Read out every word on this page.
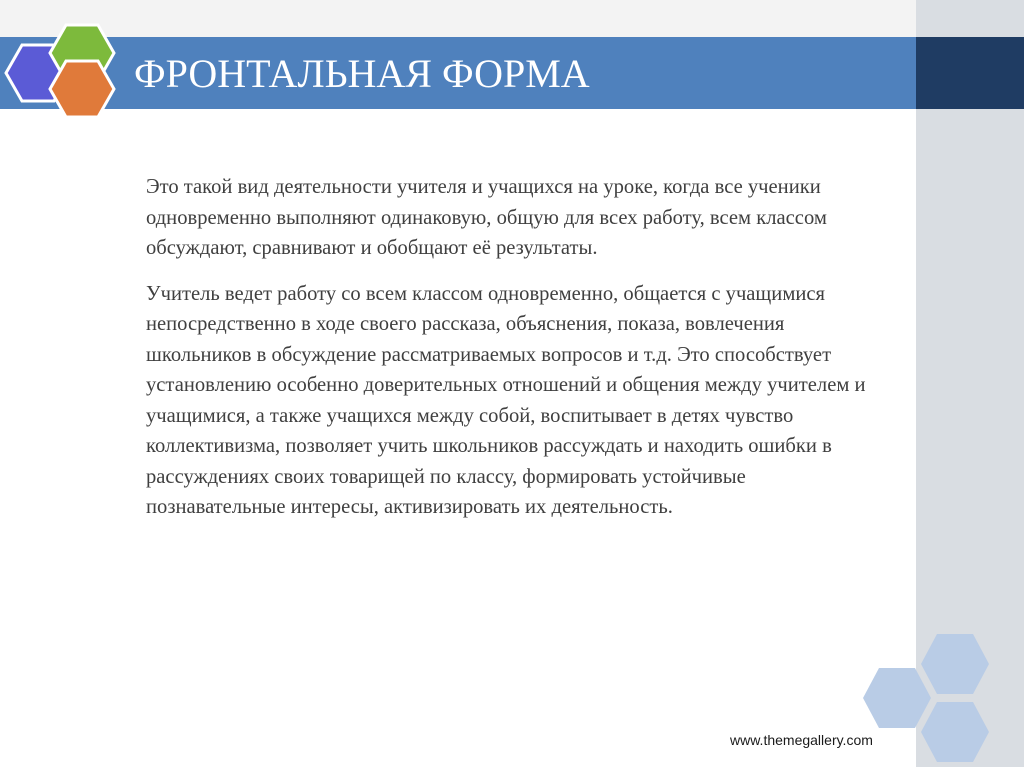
ФРОНТАЛЬНАЯ ФОРМА

Это такой вид деятельности учителя и учащихся на уроке, когда все ученики одновременно выполняют одинаковую, общую для всех работу, всем классом обсуждают, сравнивают и обобщают её результаты.

Учитель ведет работу со всем классом одновременно, общается с учащимися непосредственно в ходе своего рассказа, объяснения, показа, вовлечения школьников в обсуждение рассматриваемых вопросов и т.д. Это способствует установлению особенно доверительных отношений и общения между учителем и учащимися, а также учащихся между собой, воспитывает в детях чувство коллективизма, позволяет учить школьников рассуждать и находить ошибки в рассуждениях своих товарищей по классу, формировать устойчивые познавательные интересы, активизировать их деятельность.

www.themegallery.com
